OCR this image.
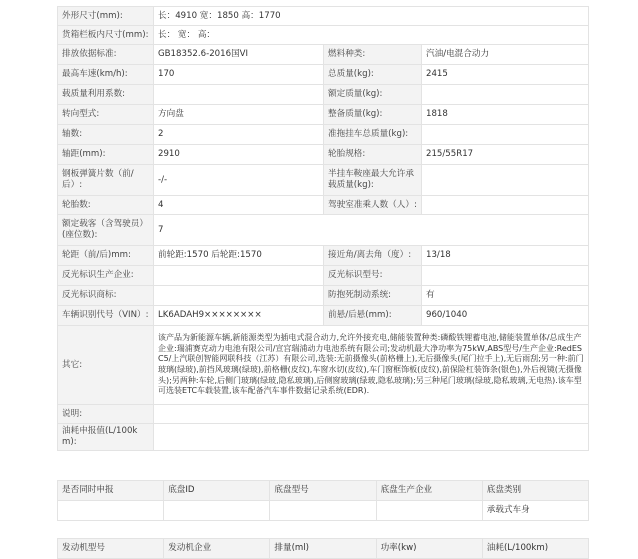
外形尺寸(mm):	长：4910 宽：1850 高：1770		
货箱栏板内尺寸(mm):	长： 宽： 高：		
排放依据标准:	GB18352.6-2016国VI	燃料种类:	汽油/电混合动力
最高车速(km/h):	170	总质量(kg):	2415
载质量利用系数:		额定质量(kg):	
转向型式:	方向盘	整备质量(kg):	1818
轴数:	2	准拖挂车总质量(kg):	
轴距(mm):	2910	轮胎规格:	215/55R17
钢板弹簧片数（前/后）:	-/-	半挂车鞍座最大允许承载质量(kg):	
轮胎数:	4	驾驶室准乘人数（人）:	
额定载客（含驾驶员）(座位数):	7		
轮距（前/后)mm:	前轮距:1570 后轮距:1570	接近角/离去角（度）:	13/18
反光标识生产企业:		反光标识型号:	
反光标识商标:		防抱死制动系统:	有
车辆识别代号（VIN）:	LK6ADAH9××××××××	前悬/后悬(mm):	960/1040
其它:	该产品为新能源车辆,新能源类型为插电式混合动力,允许外接充电,储能装置种类:磷酸铁锂蓄电池,储能装置单体/总成生产企业:瑞浦赛克动力电池有限公司/宣宫瑞浦动力电池系统有限公司;发动机最大净功率为75kW,ABS型号/生产企业:RedESC5/上汽联创智能网联科技（江苏）有限公司,选装:无前摄像头(前格栅上),无后摄像头(尾门拉手上),无后雨刮;另一种:前门玻璃(绿玻),前挡风玻璃(绿玻),前格栅(皮纹),车窗水切(皮纹),车门窗框饰板(皮纹),前保险杠装饰条(银色),外后视镜(无摄像头);另两种:车轮,后侧门玻璃(绿玻,隐私玻璃),后侧窗玻璃(绿玻,隐私玻璃);另三种尾门玻璃(绿玻,隐私玻璃,无电热).该车型可选装ETC车载装置,该车配备汽车事件数据记录系统(EDR).		
说明:			
油耗申报值(L/100km):			
是否同时申报	底盘ID	底盘型号	底盘生产企业	底盘类别
				承载式车身
发动机型号	发动机企业	排量(ml)	功率(kw)	油耗(L/100km)
